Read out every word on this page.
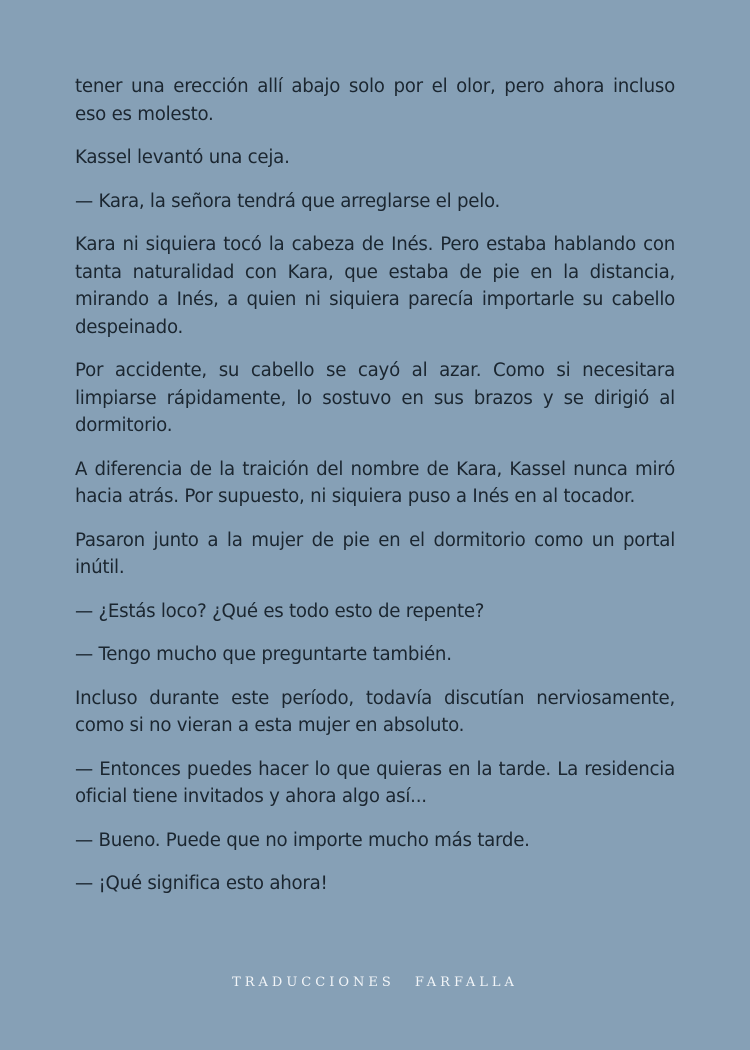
tener una erección allí abajo solo por el olor, pero ahora incluso eso es molesto.

Kassel levantó una ceja.

— Kara, la señora tendrá que arreglarse el pelo.

Kara ni siquiera tocó la cabeza de Inés. Pero estaba hablando con tanta naturalidad con Kara, que estaba de pie en la distancia, mirando a Inés, a quien ni siquiera parecía importarle su cabello despeinado.

Por accidente, su cabello se cayó al azar. Como si necesitara limpiarse rápidamente, lo sostuvo en sus brazos y se dirigió al dormitorio.

A diferencia de la traición del nombre de Kara, Kassel nunca miró hacia atrás. Por supuesto, ni siquiera puso a Inés en al tocador.

Pasaron junto a la mujer de pie en el dormitorio como un portal inútil.

— ¿Estás loco? ¿Qué es todo esto de repente?

— Tengo mucho que preguntarte también.

Incluso durante este período, todavía discutían nerviosamente, como si no vieran a esta mujer en absoluto.

— Entonces puedes hacer lo que quieras en la tarde. La residencia oficial tiene invitados y ahora algo así...

— Bueno. Puede que no importe mucho más tarde.

— ¡Qué significa esto ahora!

TRADUCCIONES FARFALLA
